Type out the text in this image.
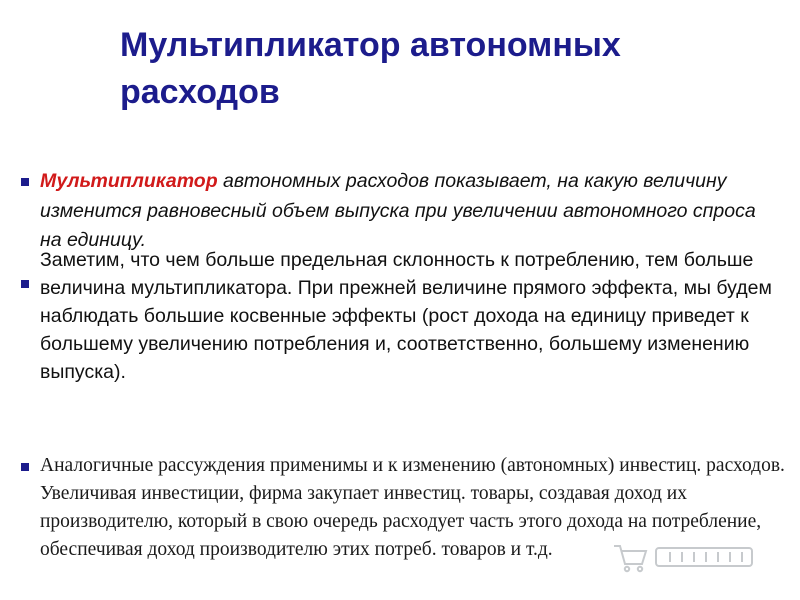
Мультипликатор автономных расходов

Мультипликатор автономных расходов показывает, на какую величину изменится равновесный объем выпуска при увеличении автономного спроса на единицу.

Заметим, что чем больше предельная склонность к потреблению, тем больше величина мультипликатора. При прежней величине прямого эффекта, мы будем наблюдать большие косвенные эффекты (рост дохода на единицу приведет к большему увеличению потребления и, соответственно, большему изменению выпуска).

Аналогичные рассуждения применимы и к изменению (автономных) инвестиц. расходов. Увеличивая инвестиции, фирма закупает инвестиц. товары, создавая доход их производителю, который в свою очередь расходует часть этого дохода на потребление, обеспечивая доход производителю этих потреб. товаров и т.д.
